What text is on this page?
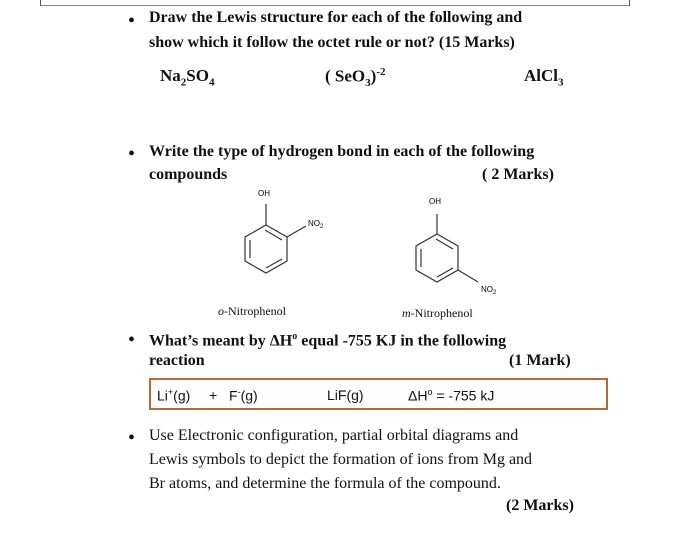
• Draw the Lewis structure for each of the following and
show which it follow the octet rule or not? (15 Marks)
$Na_2SO_4$	( SeO$_3$)$^{-2}$	AlCl$_3$
• Write the type of hydrogen bond in each of the following
compounds	( 2 Marks)
OH
$NO_2$
OH
$NO_2$
o-Nitrophenol	m-Nitrophenol
• What’s meant by $\Delta H^o$ equal -755 KJ in the following
reaction	(1 Mark)
Li+(g) + F-(g)	LiF(g)	$\Delta H^o = -755$ kJ
• Use Electronic configuration, partial orbital diagrams and
Lewis symbols to depict the formation of ions from Mg and
Br atoms, and determine the formula of the compound.
(2 Marks)
